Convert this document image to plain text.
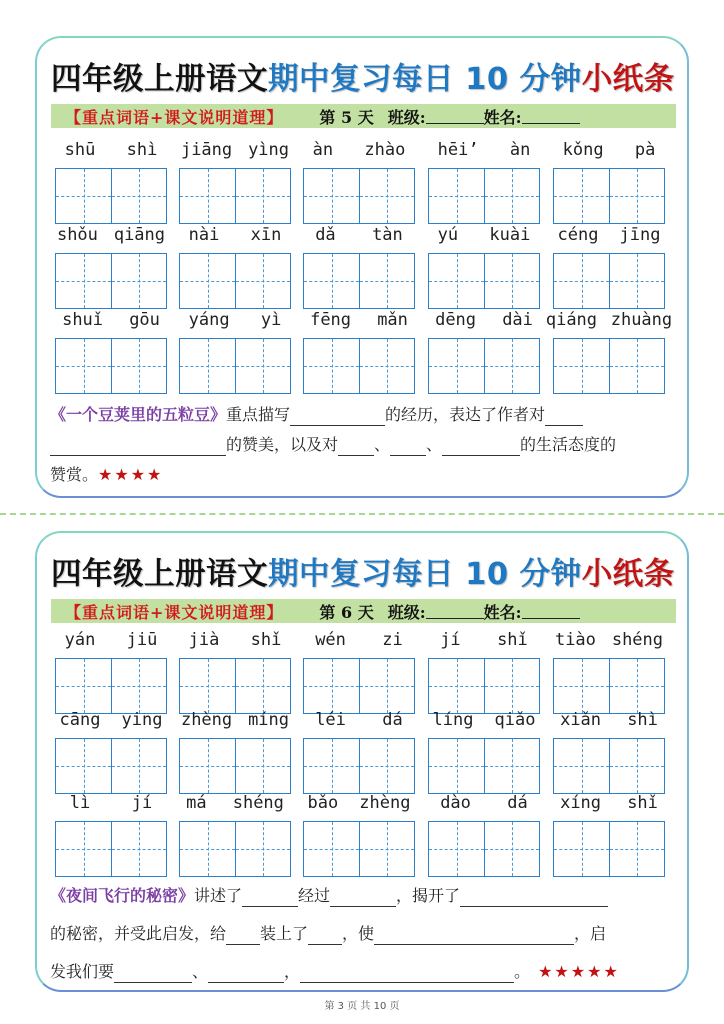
四年级上册语文期中复习每日 10 分钟小纸条
【重点词语+课文说明道理】 第 5 天 班级:	姓名:
shū shì jiāng yìng àn zhào hēi’ àn kǒng pà
shǒu qiāng nài xīn dǎ tàn yú kuài céng jīng
shuǐ gōu yáng yì fēng mǎn dēng dài qiáng zhuàng
《一个豆荚里的五粒豆》重点描写	的经历，表达了作者对
的赞美，以及对 、 、	的生活态度的
赞赏。★★★★
四年级上册语文期中复习每日 10 分钟小纸条
【重点词语+课文说明道理】 第 6 天 班级:	姓名:
yán jiū jià shǐ wén zi jí shǐ tiào shéng
cāng ying zhèng míng léi dá líng qiǎo xiǎn shì
lì jí má shéng bǎo zhèng dào dá xíng shǐ
《夜间飞行的秘密》讲述了	经过	，揭开了
的秘密，并受此启发，给 装上了 ，使	，启
发我们要	、	，	。 ★★★★★
第 3 页 共 10 页
